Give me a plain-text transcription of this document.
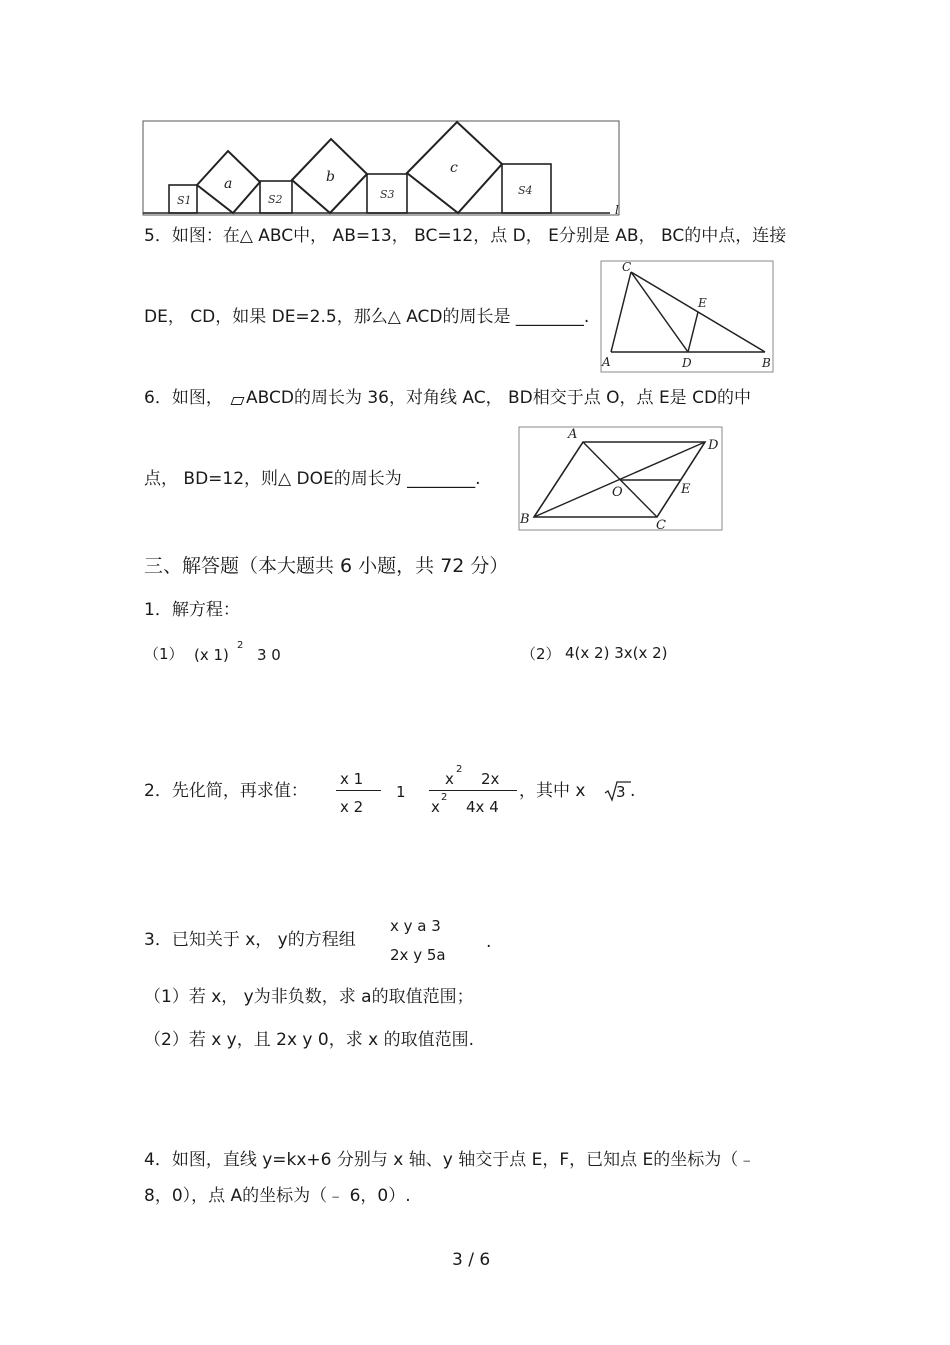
S1
a
S2
b
S3
c
S4
l
5．如图：在△ ABC中， AB=13， BC=12，点 D， E分别是 AB， BC的中点，连接
DE， CD，如果 DE=2.5，那么△ ACD的周长是 ________.
C
E
A	D	B
6．如图， ABCD的周长为 36，对角线 AC， BD相交于点 O，点 E是 CD的中
点， BD=12，则△ DOE的周长为 ________.
A
D
O	E
B	C
三、解答题（本大题共 6 小题，共 72 分）
1．解方程：
（1） (x 1)
2
3 0	（2） 4(x 2) 3x(x 2)
2．先化简，再求值：
x 1
x 2
1
x
2
2x
x
2
4x 4
，其中 x 3 .
3．已知关于 x， y的方程组
x y a 3
2x y 5a
.
（1）若 x， y为非负数，求 a的取值范围；
（2）若 x y，且 2x y 0，求 x 的取值范围.
4．如图，直线 y=kx+6 分别与 x 轴、y 轴交于点 E，F，已知点 E的坐标为（﹣
8，0），点 A的坐标为（﹣ 6，0）.
3 / 6
